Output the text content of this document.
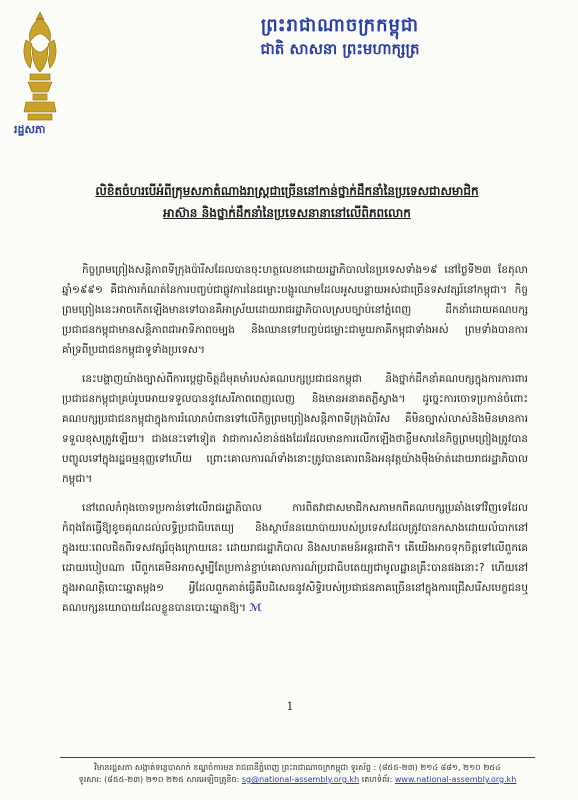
រដ្ឋសភា
ព្រះរាជាណាចក្រកម្ពុជា
ជាតិ សាសនា ព្រះមហាក្សត្រ
លិខិតចំហរបើអំពីក្រុមសភាតំណាងរាស្ត្រជាច្រើននៅកាន់ថ្នាក់ដឹកនាំនៃប្រទេសជាសមាជិក
អាស៊ាន និងថ្នាក់ដឹកនាំនៃប្រទេសនានានៅលើពិភពលោក

កិច្ចព្រមព្រៀងសន្តិភាពទីក្រុងប៉ារីសដែលបានចុះហត្ថលេខាដោយរដ្ឋាភិបាលនៃប្រទេសទាំង១៩ នៅថ្ងៃទី២៣ ខែតុលា ឆ្នាំ១៩៩១ គឺជាការកំណត់នៃការបញ្ចប់ជាផ្លូវការនៃជម្លោះបង្ហូរឈាមដែលអូសបន្លាយអស់ជាច្រើនទសវត្សរ៍នៅកម្ពុជា។ កិច្ចព្រមព្រៀងនេះអាចកើតឡើងមានទៅបានគឺអាស្រ័យដោយរាជរដ្ឋាភិបាលស្របច្បាប់នៅភ្នំពេញ ដឹកនាំដោយគណបក្សប្រជាជនកម្ពុជាមានសន្តិភាពជាអាទិភាពចម្បង និងឈានទៅបញ្ចប់ជម្លោះជាមួយភាគីកម្ពុជាទាំងអស់ ព្រមទាំងបានការគាំទ្រពីប្រជាជនកម្ពុជាទូទាំងប្រទេស។

នេះបង្ហាញយ៉ាងច្បាស់ពីការប្តេជ្ញាចិត្តដ៏មុតមាំរបស់គណបក្សប្រជាជនកម្ពុជា និងថ្នាក់ដឹកនាំគណបក្សក្នុងការការពារប្រជាជនកម្ពុជាគ្រប់រូបអោយទទួលបាននូវសេរីភាពពេញលេញ និងមានអនាគតភ្លឺស្វាង។ ដូច្នេះការចោទប្រកាន់ចំពោះគណបក្សប្រជាជនកម្ពុជាក្នុងការរំលោភបំពានទៅលើកិច្ចព្រមព្រៀងសន្តិភាពទីក្រុងប៉ារីស គឺមិនច្បាស់លាស់និងមិនមានការទទួលខុសត្រូវឡើយ។ ជាងនេះទៅទៀត វាជាការសំខាន់ផងដែរដែលមានការលើកឡើងថាខ្លឹមសារនៃកិច្ចព្រមព្រៀងត្រូវបានបញ្ចូលទៅក្នុងរដ្ឋធម្មនុញ្ញទៅហើយ ព្រោះគោលការណ៍ទាំងនោះត្រូវបានគោរពនិងអនុវត្តយ៉ាងម៉ឺងម៉ាត់ដោយរាជរដ្ឋាភិបាលកម្ពុជា។

នៅពេលកំពុងចោទប្រកាន់ទៅលើរាជរដ្ឋាភិបាល ការពិតវាជាសមាជិកសភាមកពីគណបក្សប្រឆាំងទៅវិញទេដែលកំពុងតែធ្វើឱ្យខូចគុណដល់លទ្ធិប្រជាធិបតេយ្យ និងស្ថាប័ននយោបាយរបស់ប្រទេសដែលត្រូវបានកសាងដោយលំបាកនៅក្នុងរយៈពេលជិតពីរទសវត្សរ៍ចុងក្រោយនេះ ដោយរាជរដ្ឋាភិបាល និងសហគមន៍អន្តរជាតិ។ តើយើងអាចទុកចិត្តទៅលើពួកគេដោយរបៀបណា បើពួកគេមិនអាចសូម្បីតែប្រកាន់ខ្ជាប់គោលការណ៍ប្រជាធិបតេយ្យជាមូលដ្ឋានគ្រឹះបានផងនោះ? ហើយនៅក្នុងអាណត្តិបោះឆ្នោតម្តង១ អ្វីដែលពួកគាត់ធ្វើគឺបដិសេធនូវសិទ្ធិរបស់ប្រជាជនភាគច្រើននៅក្នុងការជ្រើសរើសបេក្ខជនឬគណបក្សនយោបាយដែលខ្លួនបានបោះឆ្នោតឱ្យ។ ℳ

1
វិមានរដ្ឋសភា សង្កាត់ទន្លេបាសាក់ ខណ្ឌចំការមន រាជធានីភ្នំពេញ ព្រះរាជាណាចក្រកម្ពុជា ទូរស័ព្ទ : (៨៥៥-២៣) ២១៤ ៨៨១, ២១០ ២៥៤
ទូរសារ: (៨៥៥-២៣) ២១០ ២២៥ សារអេឡិចត្រូនិច: sg@national-assembly.org.kh គេហទំព័រ: www.national-assembly.org.kh
